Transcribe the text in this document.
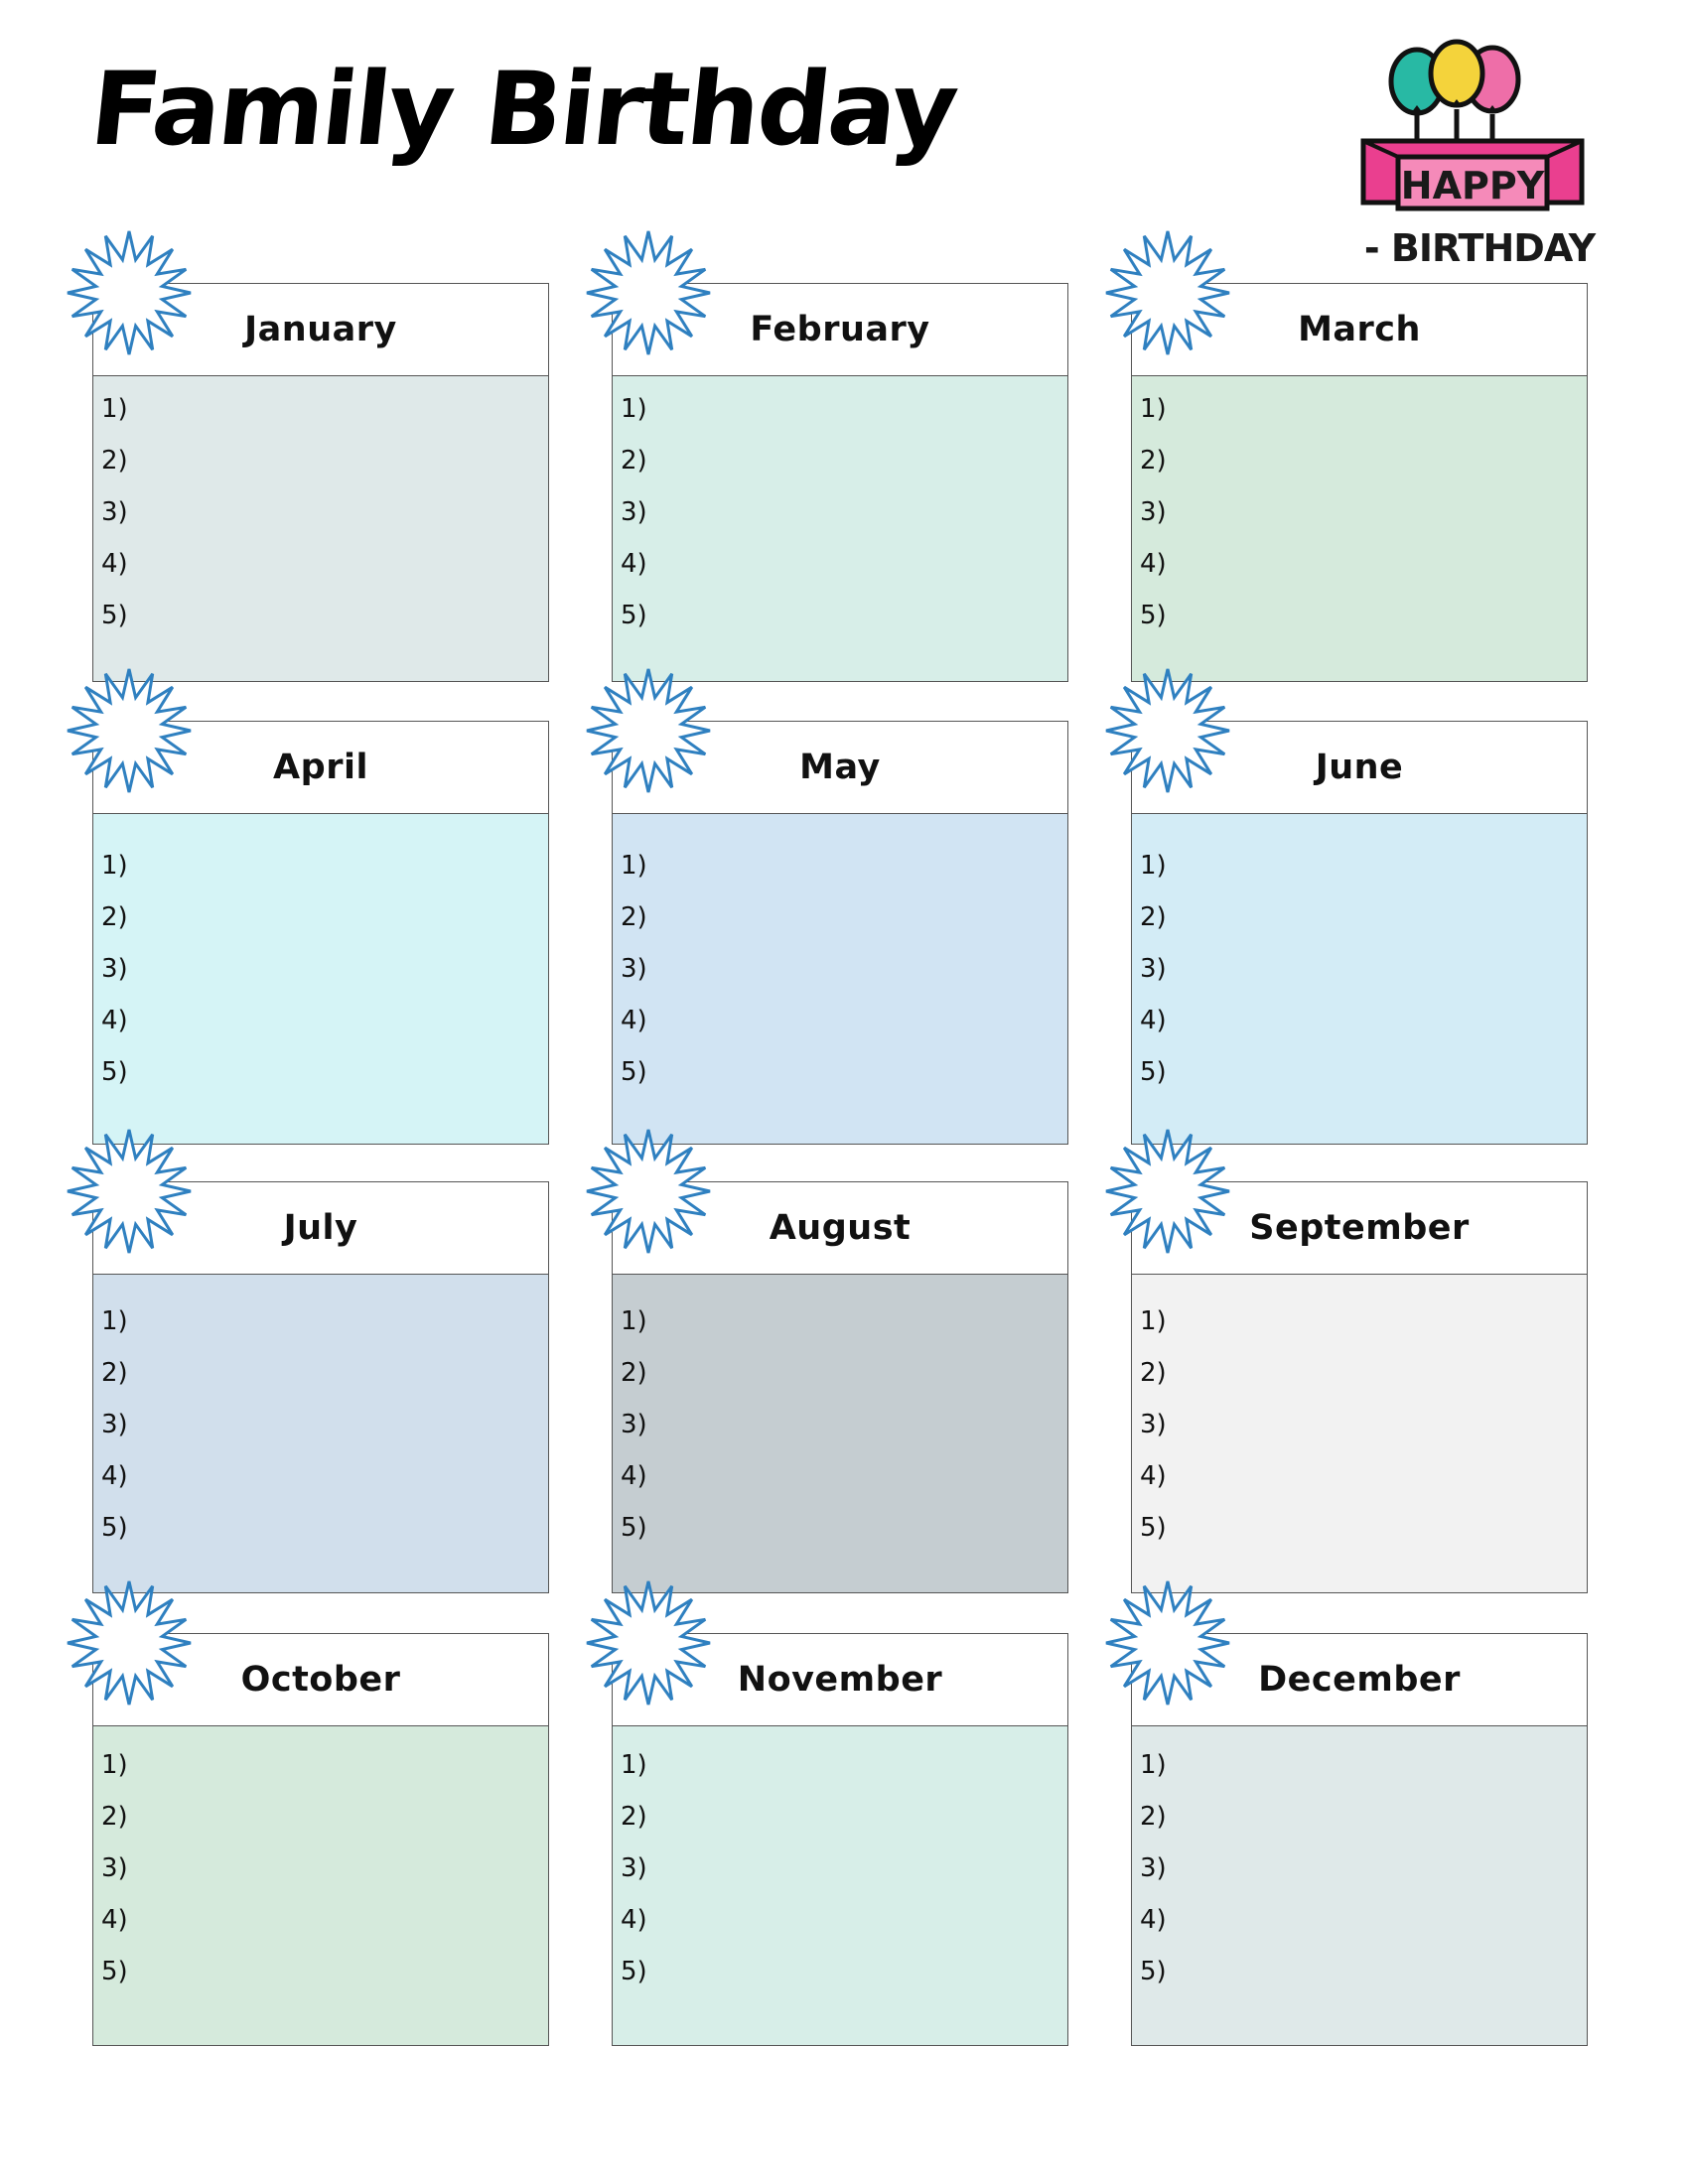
Family Birthday
HAPPY
- BIRTHDAY
January
1)
2)
3)
4)
5)
February
1)
2)
3)
4)
5)
March
1)
2)
3)
4)
5)
April
1)
2)
3)
4)
5)
May
1)
2)
3)
4)
5)
June
1)
2)
3)
4)
5)
July
1)
2)
3)
4)
5)
August
1)
2)
3)
4)
5)
September
1)
2)
3)
4)
5)
October
1)
2)
3)
4)
5)
November
1)
2)
3)
4)
5)
December
1)
2)
3)
4)
5)
